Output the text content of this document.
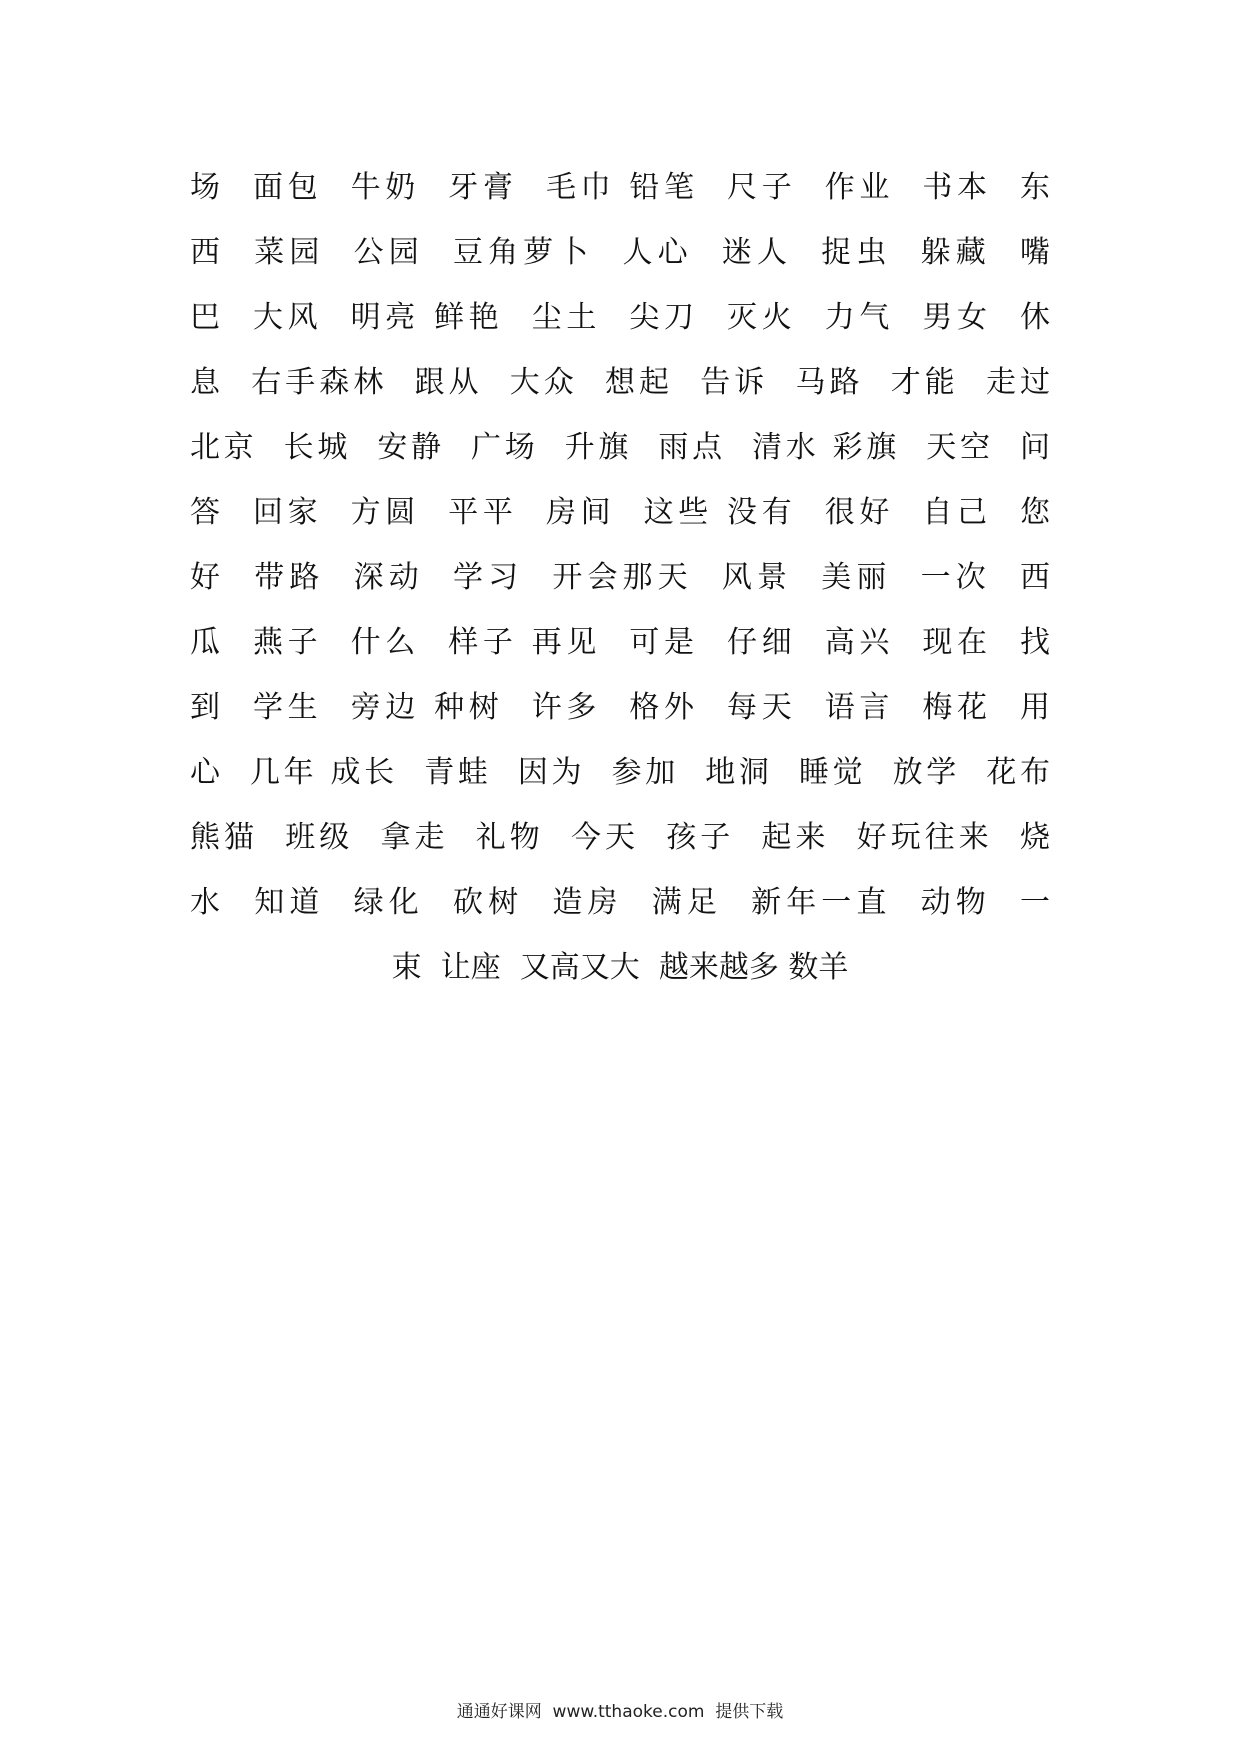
场  面包  牛奶  牙膏  毛巾 铅笔  尺子  作业  书本  东
西  菜园  公园  豆角萝卜  人心  迷人  捉虫  躲藏  嘴
巴  大风  明亮 鲜艳  尘土  尖刀  灭火  力气  男女  休
息  右手森林  跟从  大众  想起  告诉  马路  才能  走过
北京  长城  安静  广场  升旗  雨点  清水 彩旗  天空  问
答  回家  方圆  平平  房间  这些 没有  很好  自己  您
好  带路  深动  学习  开会那天  风景  美丽  一次  西
瓜  燕子  什么  样子 再见  可是  仔细  高兴  现在  找
到  学生  旁边 种树  许多  格外  每天  语言  梅花  用
心  几年 成长  青蛙  因为  参加  地洞  睡觉  放学  花布
熊猫  班级  拿走  礼物  今天  孩子  起来  好玩往来  烧
水  知道  绿化  砍树  造房  满足  新年一直  动物  一
束  让座  又高又大  越来越多 数羊
通通好课网  www.tthaoke.com  提供下载
